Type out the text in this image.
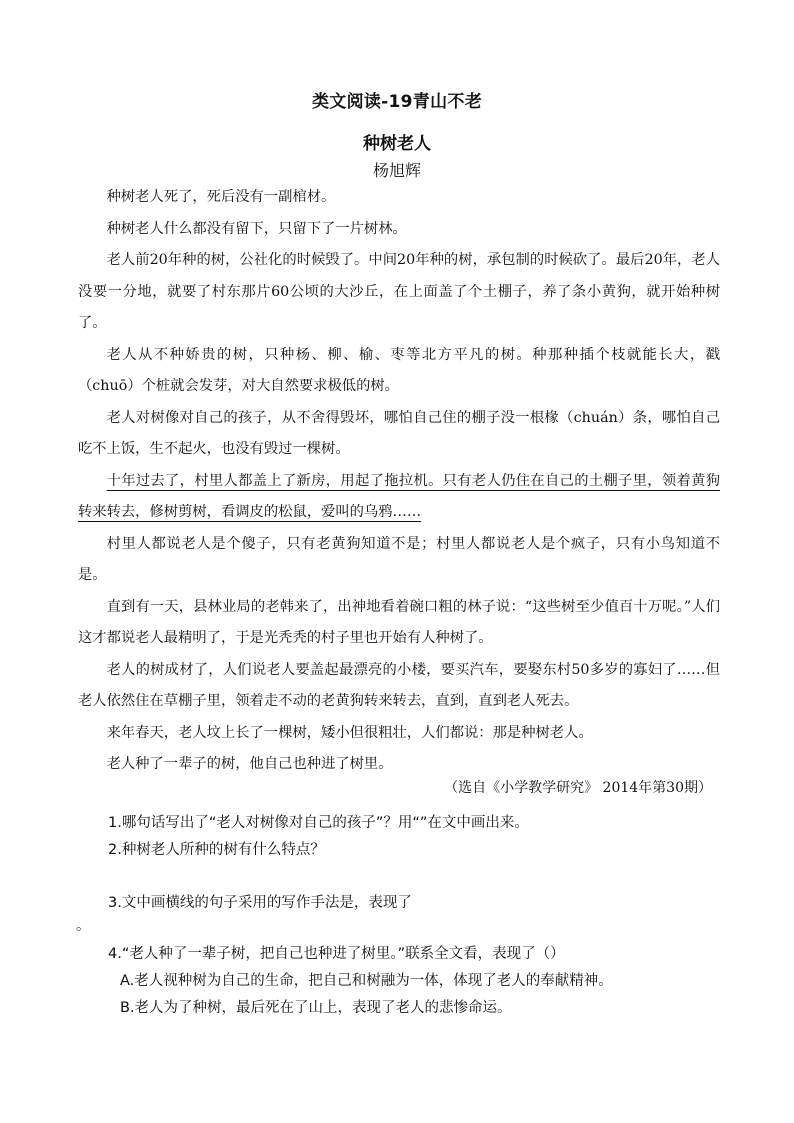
类文阅读-19青山不老
种树老人
杨旭辉

种树老人死了，死后没有一副棺材。

种树老人什么都没有留下，只留下了一片树林。

老人前20年种的树，公社化的时候毁了。中间20年种的树，承包制的时候砍了。最后20年，老人没要一分地，就要了村东那片60公顷的大沙丘，在上面盖了个土棚子，养了条小黄狗，就开始种树了。

老人从不种娇贵的树，只种杨、柳、榆、枣等北方平凡的树。种那种插个枝就能长大，戳（chuō）个桩就会发芽，对大自然要求极低的树。

老人对树像对自己的孩子，从不舍得毁坏，哪怕自己住的棚子没一根椽（chuán）条，哪怕自己吃不上饭，生不起火，也没有毁过一棵树。

十年过去了，村里人都盖上了新房，用起了拖拉机。只有老人仍住在自己的土棚子里，领着黄狗转来转去，修树剪树，看调皮的松鼠，爱叫的乌鸦……

村里人都说老人是个傻子，只有老黄狗知道不是；村里人都说老人是个疯子，只有小鸟知道不是。

直到有一天，县林业局的老韩来了，出神地看着碗口粗的林子说：“这些树至少值百十万呢。”人们这才都说老人最精明了，于是光秃秃的村子里也开始有人种树了。

老人的树成材了，人们说老人要盖起最漂亮的小楼，要买汽车，要娶东村50多岁的寡妇了……但老人依然住在草棚子里，领着走不动的老黄狗转来转去，直到，直到老人死去。

来年春天，老人坟上长了一棵树，矮小但很粗壮，人们都说：那是种树老人。

老人种了一辈子的树，他自己也种进了树里。

（选自《小学教学研究》 2014年第30期）
1.哪句话写出了“老人对树像对自己的孩子”？用“”在文中画出来。
2.种树老人所种的树有什么特点？
3.文中画横线的句子采用的写作手法是，表现了
。
4.“老人种了一辈子树，把自己也种进了树里。”联系全文看，表现了（）
A.老人视种树为自己的生命，把自己和树融为一体，体现了老人的奉献精神。
B.老人为了种树，最后死在了山上，表现了老人的悲惨命运。
